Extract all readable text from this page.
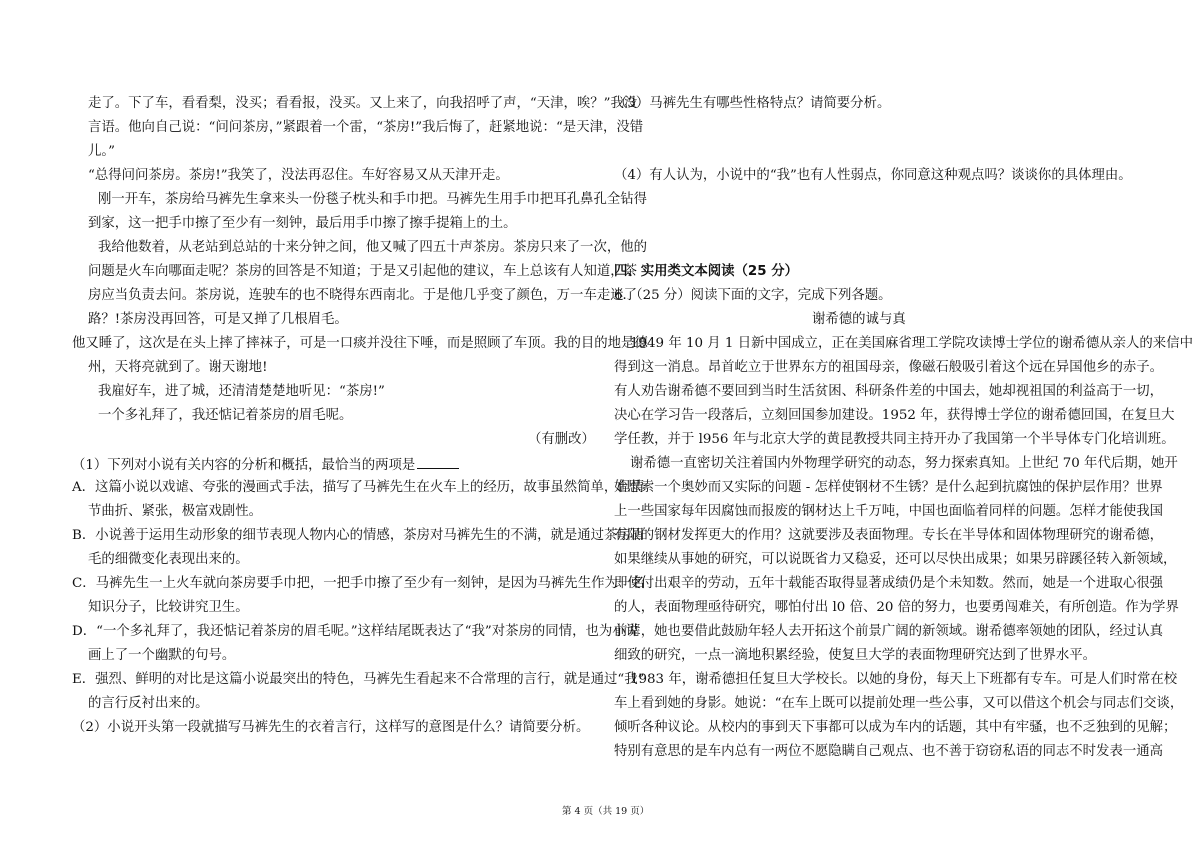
走了。下了车，看看梨，没买；看看报，没买。又上来了，向我招呼了声，“天津，唉？”我没
言语。他向自己说：“问问茶房，”紧跟着一个雷，“茶房!”我后悔了，赶紧地说：“是天津，没错
儿。”
“总得问问茶房。茶房!”我笑了，没法再忍住。车好容易又从天津开走。
刚一开车，茶房给马裤先生拿来头一份毯子枕头和手巾把。马裤先生用手巾把耳孔鼻孔全钻得
到家，这一把手巾擦了至少有一刻钟，最后用手巾擦了擦手提箱上的土。
我给他数着，从老站到总站的十来分钟之间，他又喊了四五十声茶房。茶房只来了一次，他的
问题是火车向哪面走呢？茶房的回答是不知道；于是又引起他的建议，车上总该有人知道，茶
房应当负责去问。茶房说，连驶车的也不晓得东西南北。于是他几乎变了颜色，万一车走迷了
路？!茶房没再回答，可是又掸了几根眉毛。
他又睡了，这次是在头上摔了摔袜子，可是一口痰并没往下唾，而是照顾了车顶。我的目的地是德
州，天将亮就到了。谢天谢地!
我雇好车，进了城，还清清楚楚地听见：“茶房!”
一个多礼拜了，我还惦记着茶房的眉毛呢。
（有删改）
（1）下列对小说有关内容的分析和概括，最恰当的两项是
A．这篇小说以戏谑、夸张的漫画式手法，描写了马裤先生在火车上的经历，故事虽然简单，但情
节曲折、紧张，极富戏剧性。
B．小说善于运用生动形象的细节表现人物内心的情感，茶房对马裤先生的不满，就是通过茶房眉
毛的细微变化表现出来的。
C．马裤先生一上火车就向茶房要手巾把，一把手巾擦了至少有一刻钟，是因为马裤先生作为一名
知识分子，比较讲究卫生。
D．“一个多礼拜了，我还惦记着茶房的眉毛呢。”这样结尾既表达了“我”对茶房的同情，也为小说
画上了一个幽默的句号。
E．强烈、鲜明的对比是这篇小说最突出的特色，马裤先生看起来不合常理的言行，就是通过“我”
的言行反衬出来的。
（2）小说开头第一段就描写马裤先生的衣着言行，这样写的意图是什么？请简要分析。
（3）马裤先生有哪些性格特点？请简要分析。
（4）有人认为，小说中的“我”也有人性弱点，你同意这种观点吗？谈谈你的具体理由。
四、实用类文本阅读（25 分）
6．（25 分）阅读下面的文字，完成下列各题。
谢希德的诚与真
1949 年 10 月 1 日新中国成立，正在美国麻省理工学院攻读博士学位的谢希德从亲人的来信中
得到这一消息。昂首屹立于世界东方的祖国母亲，像磁石般吸引着这个远在异国他乡的赤子。
有人劝告谢希德不要回到当时生活贫困、科研条件差的中国去，她却视祖国的利益高于一切，
决心在学习告一段落后，立刻回国参加建设。1952 年，获得博士学位的谢希德回国，在复旦大
学任教，并于 l956 年与北京大学的黄昆教授共同主持开办了我国第一个半导体专门化培训班。
谢希德一直密切关注着国内外物理学研究的动态，努力探索真知。上世纪 70 年代后期，她开
始思索一个奥妙而又实际的问题 - 怎样使钢材不生锈？是什么起到抗腐蚀的保护层作用？世界
上一些国家每年因腐蚀而报废的钢材达上千万吨，中国也面临着同样的问题。怎样才能使我国
有限的钢材发挥更大的作用？这就要涉及表面物理。专长在半导体和固体物理研究的谢希德，
如果继续从事她的研究，可以说既省力又稳妥，还可以尽快出成果；如果另辟蹊径转入新领域，
即使付出艰辛的劳动，五年十载能否取得显著成绩仍是个未知数。然而，她是一个进取心很强
的人，表面物理亟待研究，哪怕付出 l0 倍、20 倍的努力，也要勇闯难关，有所创造。作为学界
前辈，她也要借此鼓励年轻人去开拓这个前景广阔的新领域。谢希德率领她的团队，经过认真
细致的研究，一点一滴地积累经验，使复旦大学的表面物理研究达到了世界水平。
1983 年，谢希德担任复旦大学校长。以她的身份，每天上下班都有专车。可是人们时常在校
车上看到她的身影。她说：“在车上既可以提前处理一些公事，又可以借这个机会与同志们交谈，
倾听各种议论。从校内的事到天下事都可以成为车内的话题，其中有牢骚，也不乏独到的见解；
特别有意思的是车内总有一两位不愿隐瞒自己观点、也不善于窃窃私语的同志不时发表一通高
第 4 页（共 19 页）
